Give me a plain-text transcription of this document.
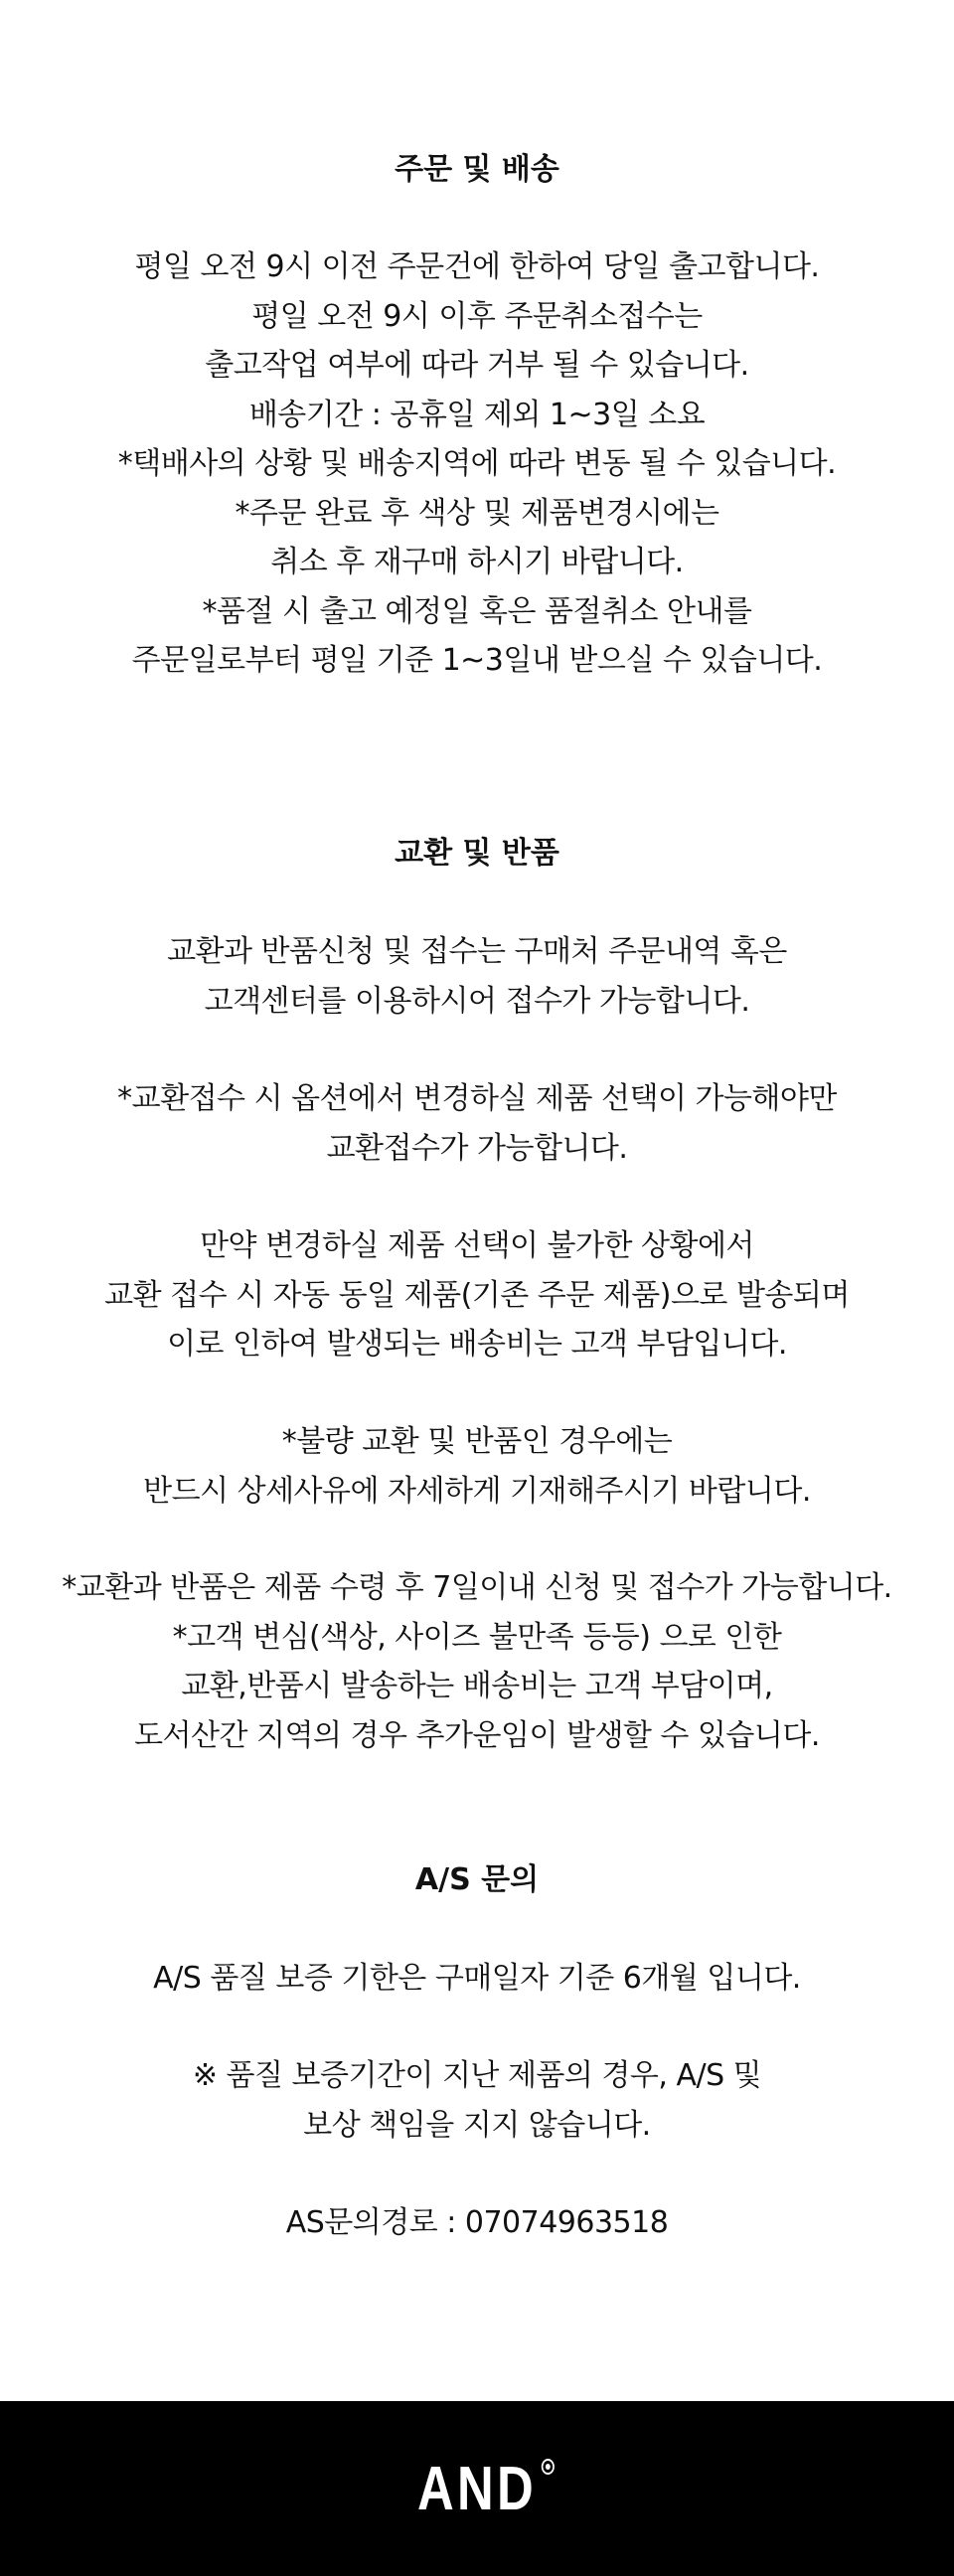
주문 및 배송
평일 오전 9시 이전 주문건에 한하여 당일 출고합니다.
평일 오전 9시 이후 주문취소접수는
출고작업 여부에 따라 거부 될 수 있습니다.
배송기간 : 공휴일 제외 1~3일 소요
*택배사의 상황 및 배송지역에 따라 변동 될 수 있습니다.
*주문 완료 후 색상 및 제품변경시에는
취소 후 재구매 하시기 바랍니다.
*품절 시 출고 예정일 혹은 품절취소 안내를
주문일로부터 평일 기준 1~3일내 받으실 수 있습니다.
교환 및 반품
교환과 반품신청 및 접수는 구매처 주문내역 혹은
고객센터를 이용하시어 접수가 가능합니다.
*교환접수 시 옵션에서 변경하실 제품 선택이 가능해야만
교환접수가 가능합니다.
만약 변경하실 제품 선택이 불가한 상황에서
교환 접수 시 자동 동일 제품(기존 주문 제품)으로 발송되며
이로 인하여 발생되는 배송비는 고객 부담입니다.
*불량 교환 및 반품인 경우에는
반드시 상세사유에 자세하게 기재해주시기 바랍니다.
*교환과 반품은 제품 수령 후 7일이내 신청 및 접수가 가능합니다.
*고객 변심(색상, 사이즈 불만족 등등) 으로 인한
교환,반품시 발송하는 배송비는 고객 부담이며,
도서산간 지역의 경우 추가운임이 발생할 수 있습니다.
A/S 문의
A/S 품질 보증 기한은 구매일자 기준 6개월 입니다.
※ 품질 보증기간이 지난 제품의 경우, A/S 및
보상 책임을 지지 않습니다.
AS문의경로 : 07074963518
AND
